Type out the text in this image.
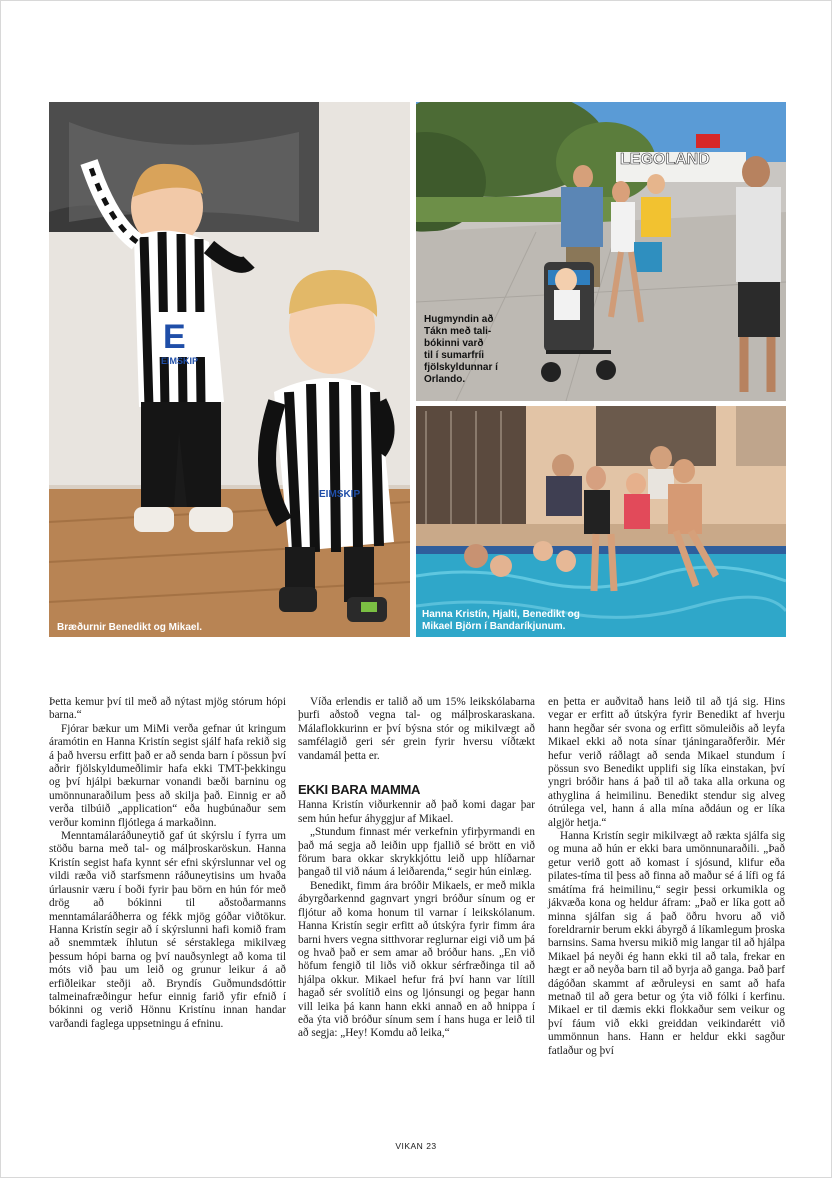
E
EIMSKIP
EIMSKIP
Bræðurnir Benedikt og Mikael.
LEGOLAND
Hugmyndin að
Tákn með tali-
bókinni varð
til í sumarfríi
fjölskyldunnar í
Orlando.
Hanna Kristín, Hjalti, Benedikt og
Mikael Björn í Bandaríkjunum.

Þetta kemur því til með að nýtast mjög stórum hópi barna.“

Fjórar bækur um MiMi verða gefnar út kringum áramótin en Hanna Kristín segist sjálf hafa rekið sig á það hversu erfitt það er að senda barn í pössun því aðrir fjölskyldumeðlimir hafa ekki TMT-þekkingu og því hjálpi bækurnar vonandi bæði barninu og umönnunaraðilum þess að skilja það. Einnig er að verða tilbúið „application“ eða hugbúnaður sem verður kominn fljótlega á markaðinn.

Menntamálaráðuneytið gaf út skýrslu í fyrra um stöðu barna með tal- og málþroskaröskun. Hanna Kristín segist hafa kynnt sér efni skýrslunnar vel og vildi ræða við starfsmenn ráðuneytisins um hvaða úrlausnir væru í boði fyrir þau börn en hún fór með drög að bókinni til aðstoðarmanns menntamálaráðherra og fékk mjög góðar viðtökur. Hanna Kristín segir að í skýrslunni hafi komið fram að snemmtæk íhlutun sé sérstaklega mikilvæg þessum hópi barna og því nauðsynlegt að koma til móts við þau um leið og grunur leikur á að erfiðleikar steðji að. Bryndís Guðmundsdóttir talmeinafræðingur hefur einnig farið yfir efnið í bókinni og verið Hönnu Kristínu innan handar varðandi faglega uppsetningu á efninu.

Víða erlendis er talið að um 15% leikskólabarna þurfi aðstoð vegna tal- og málþroskaraskana. Málaflokkurinn er því býsna stór og mikilvægt að samfélagið geri sér grein fyrir hversu víðtækt vandamál þetta er.

EKKI BARA MAMMA

Hanna Kristín viðurkennir að það komi dagar þar sem hún hefur áhyggjur af Mikael.

„Stundum finnast mér verkefnin yfirþyrmandi en það má segja að leiðin upp fjallið sé brött en við förum bara okkar skrykkjóttu leið upp hlíðarnar þangað til við náum á leiðarenda,“ segir hún einlæg.

Benedikt, fimm ára bróðir Mikaels, er með mikla ábyrgðarkennd gagnvart yngri bróður sínum og er fljótur að koma honum til varnar í leikskólanum. Hanna Kristín segir erfitt að útskýra fyrir fimm ára barni hvers vegna sitthvorar reglurnar eigi við um þá og hvað það er sem amar að bróður hans. „En við höfum fengið til liðs við okkur sérfræðinga til að hjálpa okkur. Mikael hefur frá því hann var lítill hagað sér svolítið eins og ljónsungi og þegar hann vill leika þá kann hann ekki annað en að hnippa í eða ýta við bróður sínum sem í hans huga er leið til að segja: „Hey! Komdu að leika,“

en þetta er auðvitað hans leið til að tjá sig. Hins vegar er erfitt að útskýra fyrir Benedikt af hverju hann hegðar sér svona og erfitt sömuleiðis að leyfa Mikael ekki að nota sínar tjáningaraðferðir. Mér hefur verið ráðlagt að senda Mikael stundum í pössun svo Benedikt upplifi sig líka einstakan, því yngri bróðir hans á það til að taka alla orkuna og athyglina á heimilinu. Benedikt stendur sig alveg ótrúlega vel, hann á alla mína aðdáun og er líka algjör hetja.“

Hanna Kristín segir mikilvægt að rækta sjálfa sig og muna að hún er ekki bara umönnunaraðili. „Það getur verið gott að komast í sjósund, klifur eða pilates-tíma til þess að finna að maður sé á lífi og fá smátíma frá heimilinu,“ segir þessi orkumikla og jákvæða kona og heldur áfram: „Það er líka gott að minna sjálfan sig á það öðru hvoru að við foreldrarnir berum ekki ábyrgð á líkamlegum þroska barnsins. Sama hversu mikið mig langar til að hjálpa Mikael þá neyði ég hann ekki til að tala, frekar en hægt er að neyða barn til að byrja að ganga. Það þarf dágóðan skammt af æðruleysi en samt að hafa metnað til að gera betur og ýta við fólki í kerfinu. Mikael er til dæmis ekki flokkaður sem veikur og því fáum við ekki greiddan veikindarétt við ummönnun hans. Hann er heldur ekki sagður fatlaður og því

VIKAN 23
